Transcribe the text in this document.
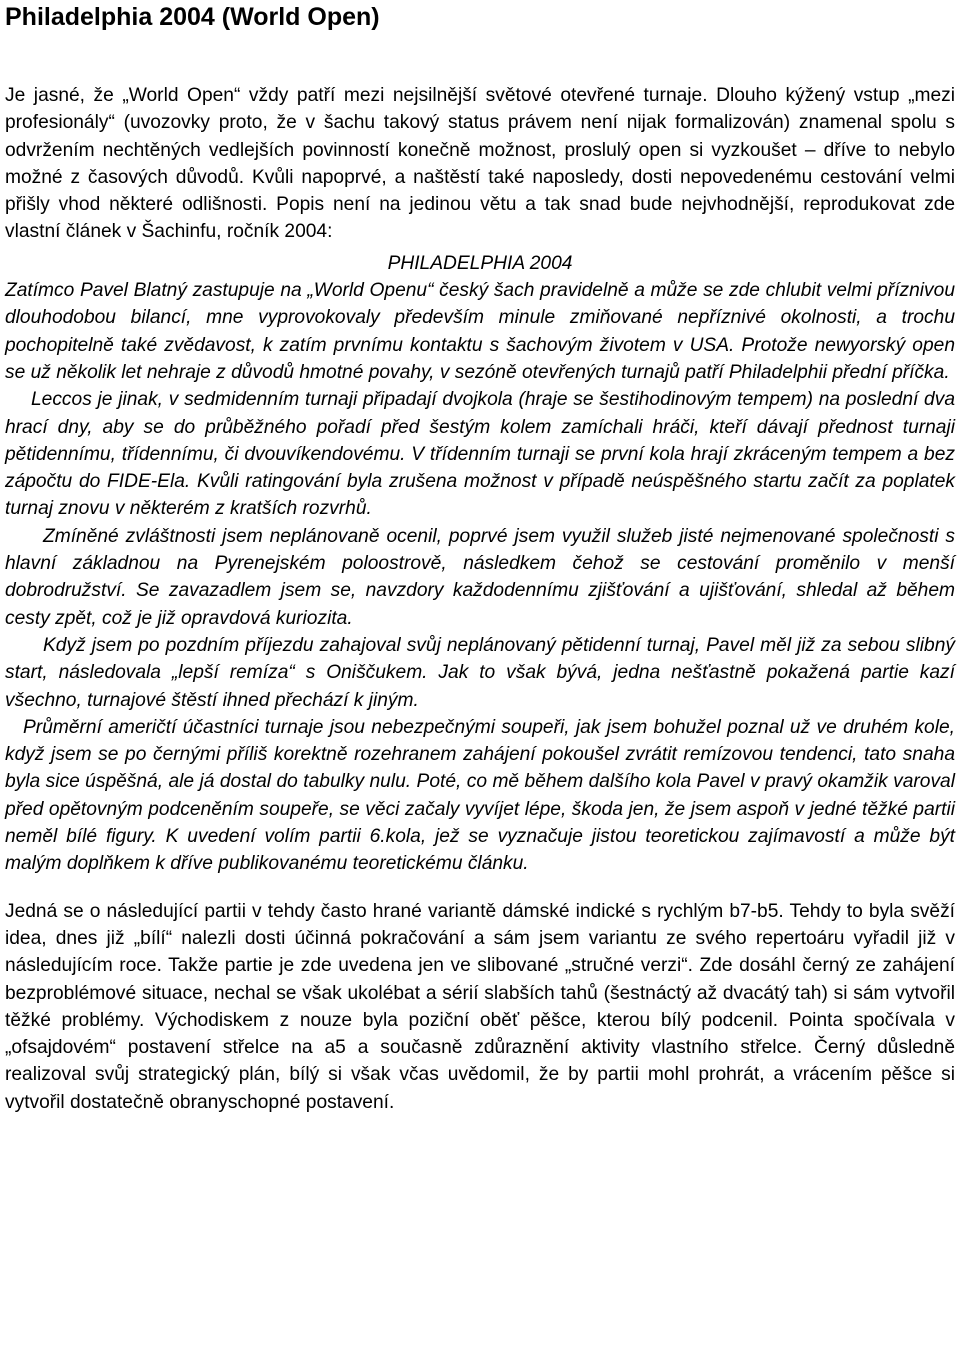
Philadelphia 2004 (World Open)

Je jasné, že „World Open“ vždy patří mezi nejsilnější světové otevřené turnaje. Dlouho kýžený vstup „mezi profesionály“ (uvozovky proto, že v šachu takový status právem není nijak formalizován) znamenal spolu s odvržením nechtěných vedlejších povinností konečně možnost, proslulý open si vyzkoušet – dříve to nebylo možné z časových důvodů. Kvůli napoprvé, a naštěstí také naposledy, dosti nepovedenému cestování velmi přišly vhod některé odlišnosti. Popis není na jedinou větu a tak snad bude nejvhodnější, reprodukovat zde vlastní článek v Šachinfu, ročník 2004:

PHILADELPHIA 2004

Zatímco Pavel Blatný zastupuje na „World Openu“ český šach pravidelně a může se zde chlubit velmi příznivou dlouhodobou bilancí, mne vyprovokovaly především minule zmiňované nepříznivé okolnosti, a trochu pochopitelně také zvědavost, k zatím prvnímu kontaktu s šachovým životem v USA. Protože newyorský open se už několik let nehraje z důvodů hmotné povahy, v sezóně otevřených turnajů patří Philadelphii přední příčka.

Leccos je jinak, v sedmidenním turnaji připadají dvojkola (hraje se šestihodinovým tempem) na poslední dva hrací dny, aby se do průběžného pořadí před šestým kolem zamíchali hráči, kteří dávají přednost turnaji pětidennímu, třídennímu, či dvouvíkendovému. V třídenním turnaji se první kola hrají zkráceným tempem a bez zápočtu do FIDE-Ela. Kvůli ratingování byla zrušena možnost v případě neúspěšného startu začít za poplatek turnaj znovu v některém z kratších rozvrhů.

Zmíněné zvláštnosti jsem neplánovaně ocenil, poprvé jsem využil služeb jisté nejmenované společnosti s hlavní základnou na Pyrenejském poloostrově, následkem čehož se cestování proměnilo v menší dobrodružství. Se zavazadlem jsem se, navzdory každodennímu zjišťování a ujišťování, shledal až během cesty zpět, což je již opravdová kuriozita.

Když jsem po pozdním příjezdu zahajoval svůj neplánovaný pětidenní turnaj, Pavel měl již za sebou slibný start, následovala „lepší remíza“ s Oniščukem. Jak to však bývá, jedna nešťastně pokažená partie kazí všechno, turnajové štěstí ihned přechází k jiným.

Průměrní američtí účastníci turnaje jsou nebezpečnými soupeři, jak jsem bohužel poznal už ve druhém kole, když jsem se po černými příliš korektně rozehranem zahájení pokoušel zvrátit remízovou tendenci, tato snaha byla sice úspěšná, ale já dostal do tabulky nulu. Poté, co mě během dalšího kola Pavel v pravý okamžik varoval před opětovným podceněním soupeře, se věci začaly vyvíjet lépe, škoda jen, že jsem aspoň v jedné těžké partii neměl bílé figury. K uvedení volím partii 6.kola, jež se vyznačuje jistou teoretickou zajímavostí a může být malým doplňkem k dříve publikovanému teoretickému článku.

Jedná se o následující partii v tehdy často hrané variantě dámské indické s rychlým b7-b5. Tehdy to byla svěží idea, dnes již „bílí“ nalezli dosti účinná pokračování a sám jsem variantu ze svého repertoáru vyřadil již v následujícím roce. Takže partie je zde uvedena jen ve slibované „stručné verzi“. Zde dosáhl černý ze zahájení bezproblémové situace, nechal se však ukolébat a sérií slabších tahů (šestnáctý až dvacátý tah) si sám vytvořil těžké problémy. Východiskem z nouze byla poziční oběť pěšce, kterou bílý podcenil. Pointa spočívala v „ofsajdovém“ postavení střelce na a5 a současně zdůraznění aktivity vlastního střelce. Černý důsledně realizoval svůj strategický plán, bílý si však včas uvědomil, že by partii mohl prohrát, a vrácením pěšce si vytvořil dostatečně obranyschopné postavení.
